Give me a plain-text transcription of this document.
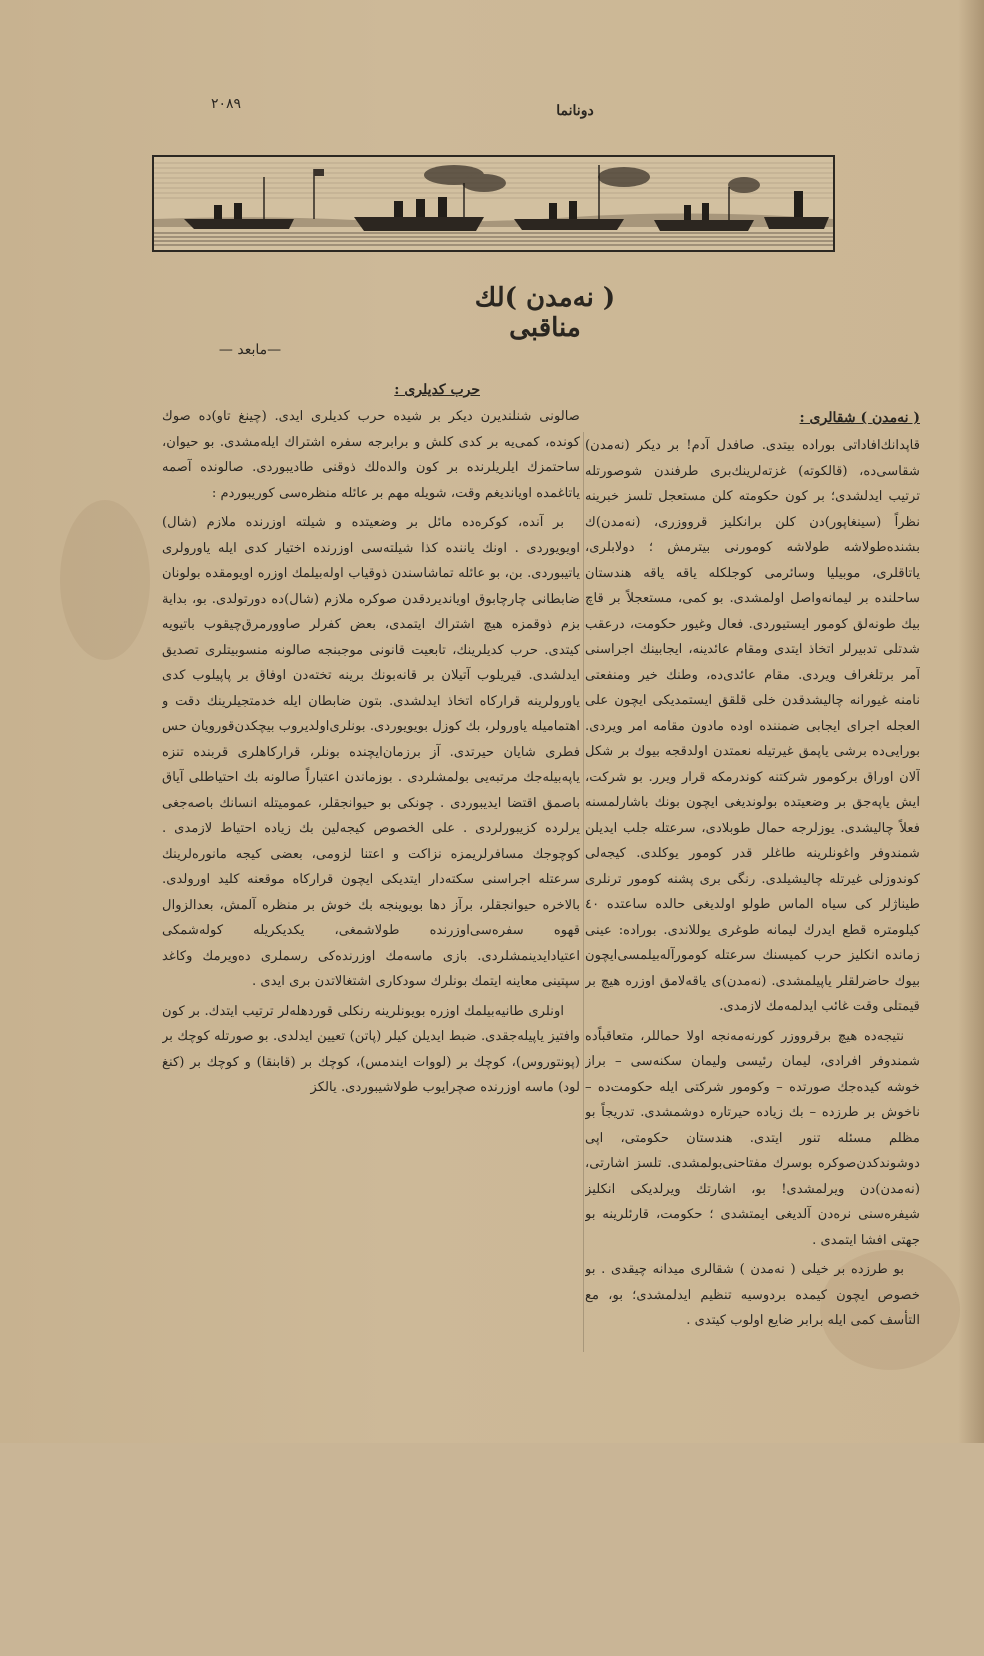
٢٠٨٩	دونانما
( نه‌مدن )لك مناقبى
—مابعد —
حرب كديلرى :
( نه‌مدن ) شقالرى :

صالونى شنلندیرن دیکر بر شیده حرب کدیلرى ایدى. (چینغ تاو)ده صوك کونده، کمی‌یه بر کدى کلش و برابرجه سفره اشتراك ایله‌مشدى. بو حیوان، ساحتمزك ایلریلرنده بر کون والده‌لك ذوقنى طادیبوردى. صالونده آصمه یاتاغمده اویاندیغم وقت، شویله مهم بر عائله منظره‌سى کوریبوردم :

بر آنده، کوکره‌ده مائل بر وضعیتده و شیلته اوزرنده ملازم (شال) اویویوردى . اونك یاننده کذا شیلته‌سى اوزرنده اختیار کدى ایله یاورولرى یاتیبوردى. بن، بو عائله تماشاسندن ذوقیاب اوله‌بیلمك اوزره اویومقده بولونان ضابطانى چارچابوق اویاندیردقدن صوکره ملازم (شال)ده دورتولدى. بو، بدایة بزم ذوقمزه هیچ اشتراك ایتمدى، بعض كفرلر صاوورمرق‌چیقوب باتیویه کیتدى. حرب کدیلرینك، تابعیت قانونى موجبنجه صالونه منسوبیتلرى تصدیق ایدلشدى. قیریلوب آتیلان بر قانه‌بونك برینه تخته‌دن اوفاق بر پاپیلوب کدى یاورولرینه قرارکاه اتخاذ ایدلشدى. بتون ضابطان ایله خدمتجیلرینك دقت و اهتمامیله یاورولر، بك کوزل بویویوردى. بونلرى‌اولدیروب بیچکدن‌قورویان حس فطرى شایان حیرتدى. آز برزمان‌ایچنده بونلر، قرارکاهلرى قربنده تنزه یاپه‌بیله‌جك مرتبه‌یى بولمشلردى . بوزماندن اعتباراً صالونه بك احتیاطلى آیاق باصمق اقتضا ایدیبوردى . چونکى بو حیوانجقلر، عموميتله انسانك باصه‌جغى یرلرده کزیبورلردى . على الخصوص کیجه‌لین بك زیاده احتیاط لازمدى . کوچوجك مسافرلریمزه نزاکت و اعتنا لزومى، بعضى کیجه مانوره‌لرینك سرعتله اجراسنى سکته‌دار ایتدیکى ایچون قرارکاه موقعنه کلید اورولدى. بالاخره حیوانجقلر، برآز دها بویوینجه بك خوش بر منظره آلمش، بعدالزوال قهوه سفره‌سى‌اوزرنده طولاشمغى، یکدیکریله کوله‌شمکى اعتیاداید‌ینمشلردى. بازى ماسه‌مك اوزرنده‌کى رسملرى ده‌ویرمك وکاغد سپتینى معاینه ایتمك بونلرك سودکارى اشتغالاتدن برى ایدى .

اونلرى طانیه‌بیلمك اوزره بویونلرینه رنكلى قوردهله‌لر ترتیب ایتدك. بر کون وافتیز یاپیله‌جقدى. ضبط ایدیلن کیلر (پاتن) تعیین ایدلدى. بو صورتله کوچك بر (پونتوروس)، کوچك بر (لووات ایندمس)، کوچك بر (قابنقا) و کوچك بر (کنغ لود) ماسه اوزرنده صچرایوب طولاشیبوردى. یالکز

قاپدانك‌افاداتى بوراده بیتدى. صافدل آدم! بر دیکر (نه‌مدن) شقاسى‌ده، (قالکوته) غزته‌لرینك‌برى طرفندن شوصورتله ترتیب ایدلشدى؛ بر کون حکومته کلن مستعجل تلسز خبرینه نظراً (سینغاپور)دن کلن برانکلیز قرووزرى، (نه‌مدن)ك بشنده‌طولاشه طولاشه کومورنى بیترمش ؛ دولابلرى، یاتاقلرى، موبیلیا وسائرمى کوجلکله یاقه یاقه هندستان ساحلنده بر لیمانه‌واصل اولمشدى. بو کمی، مستعجلاً بر قاچ بیك طونه‌لق کومور ایستیوردى. فعال وغیور حکومت، درعقب شدتلى تدبیرلر اتخاذ ایتدى ومقام عائدینه، ایجابینك اجراسنى آمر برتلغراف ویردى. مقام عائدى‌ده، وطنك خیر ومنفعتى نامنه غیورانه چالیشدقدن خلى قلقق ایستمدیکى ایچون على العجله اجراى ایجابى ضمننده اوده مادون مقامه امر ویردى. بورایى‌ده برشى یاپمق غیرتیله نعمتدن اولدقجه بیوك بر شکل آلان اوراق برکومور شرکتنه کوندرمکه قرار ویرر. بو شرکت، ایش یاپه‌جق بر وضعیتده بولوندیغى ایچون بونك باشارلمسنه فعلاً چالیشدى. یوزلرجه حمال طوبلادى، سرعتله جلب ایدیلن شمندوفر واغونلرینه طاغلر قدر کومور یوکلدى. کیجه‌لى کوندوزلى غیرتله چالیشیلدى. رنگى برى پشنه کومور ترنلرى طیناژلر کى سیاه الماس طولو اولدیغى حالده ساعتده ٤٠ کیلومتره قطع ایدرك لیمانه طوغرى یوللاندى. بوراده: عینى زمانده انکلیز حرب کمیسنك سرعتله کومورآله‌بیلمسى‌ایچون بیوك حاضرلقلر یاپیلمشدى. (نه‌مدن)ى یاقه‌لامق اوزره هیچ بر قیمتلى وقت غائب ایدلمه‌مك لازمدى.

نتیجه‌ده هیچ برقرووزر کورنه‌مه‌نجه اولا حماللر، متعاقباً‌ده شمندوفر افرادى، لیمان رئیسى ولیمان سکنه‌سى – براز خوشه کیده‌جك صورتده – وکومور شرکتى ایله حکومت‌ده – ناخوش بر طرزده – بك زیاده حیرتاره دوشمشدى. تدریجاً بو مظلم مسئله تنور ایتدى. هندستان حکومتى، اپى دوشوندکدن‌صوکره بوسرك مفتاحنى‌بولمشدى. تلسز اشارتى، (نه‌مدن)دن ویرلمشدى! بو، اشارتك ویرلدیکى انکلیز شیفره‌سنى نره‌دن آلدیغى ایمتشدى ؛ حکومت، قارئلرینه بو جهتى افشا ایتمدى .

بو طرزده بر خیلى ( نه‌مدن ) شقالرى میدانه چیقدى . بو خصوص ایچون کیمده بردوسیه تنظیم ایدلمشدى؛ بو، مع التأسف کمى ایله برابر ضایع اولوب کیتدى .
